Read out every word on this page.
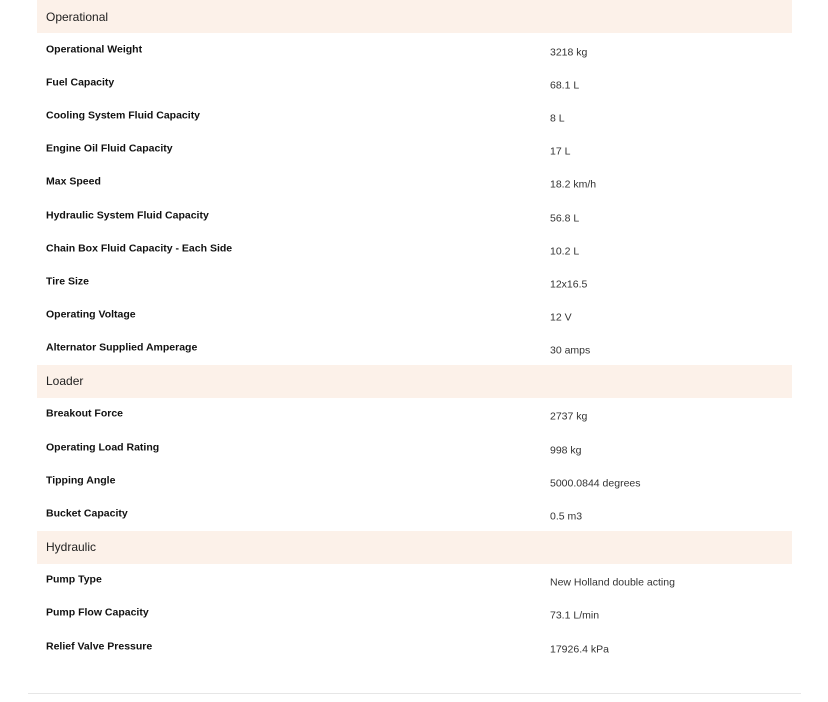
Operational
Operational Weight	3218 kg
Fuel Capacity	68.1 L
Cooling System Fluid Capacity	8 L
Engine Oil Fluid Capacity	17 L
Max Speed	18.2 km/h
Hydraulic System Fluid Capacity	56.8 L
Chain Box Fluid Capacity - Each Side	10.2 L
Tire Size	12x16.5
Operating Voltage	12 V
Alternator Supplied Amperage	30 amps
Loader
Breakout Force	2737 kg
Operating Load Rating	998 kg
Tipping Angle	5000.0844 degrees
Bucket Capacity	0.5 m3
Hydraulic
Pump Type	New Holland double acting
Pump Flow Capacity	73.1 L/min
Relief Valve Pressure	17926.4 kPa
